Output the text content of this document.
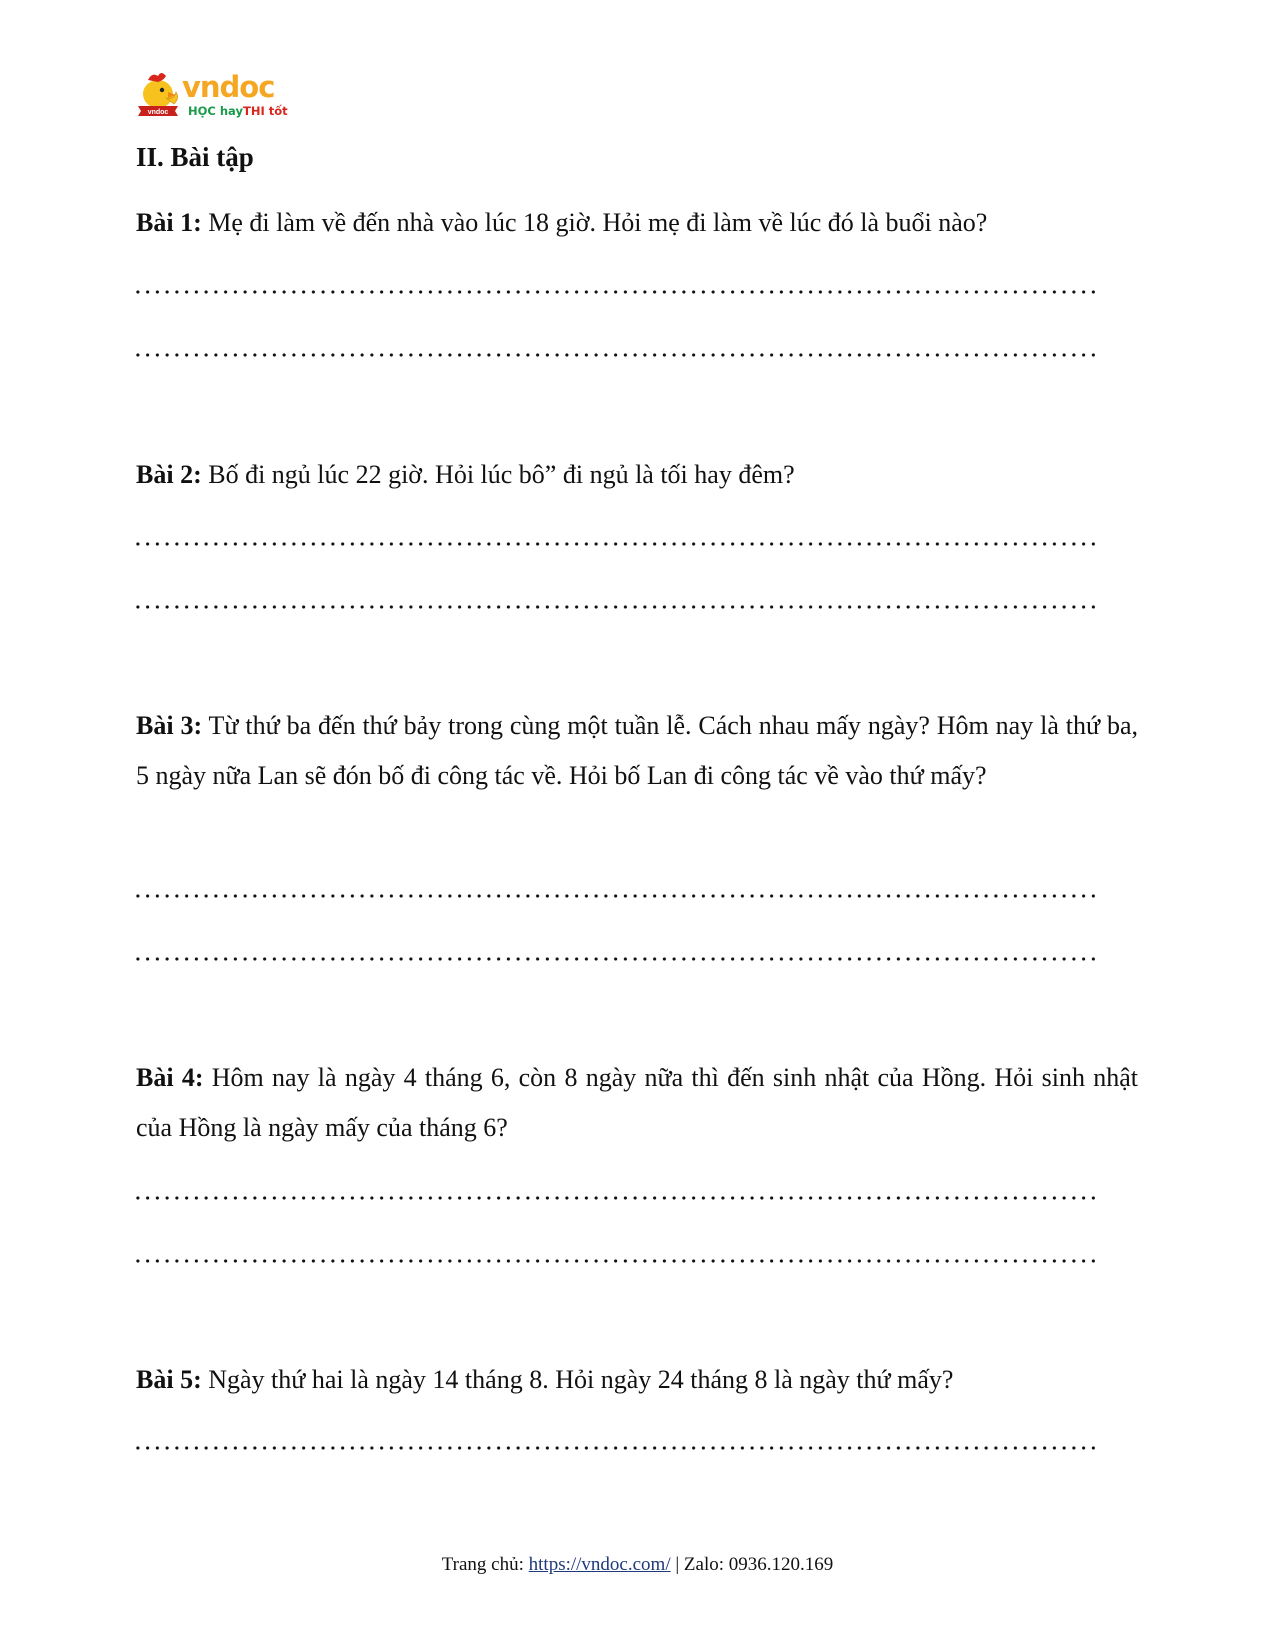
vndoc
vndoc
HỌC hay THI tốt
II. Bài tập
Bài 1: Mẹ đi làm về đến nhà vào lúc 18 giờ. Hỏi mẹ đi làm về lúc đó là buổi nào?
Bài 2: Bố đi ngủ lúc 22 giờ. Hỏi lúc bô” đi ngủ là tối hay đêm?
Bài 3: Từ thứ ba đến thứ bảy trong cùng một tuần lễ. Cách nhau mấy ngày? Hôm nay là thứ ba, 5 ngày nữa Lan sẽ đón bố đi công tác về. Hỏi bố Lan đi công tác về vào thứ mấy?
Bài 4: Hôm nay là ngày 4 tháng 6, còn 8 ngày nữa thì đến sinh nhật của Hồng. Hỏi sinh nhật của Hồng là ngày mấy của tháng 6?
Bài 5: Ngày thứ hai là ngày 14 tháng 8. Hỏi ngày 24 tháng 8 là ngày thứ mấy?
Trang chủ: https://vndoc.com/ | Zalo: 0936.120.169
